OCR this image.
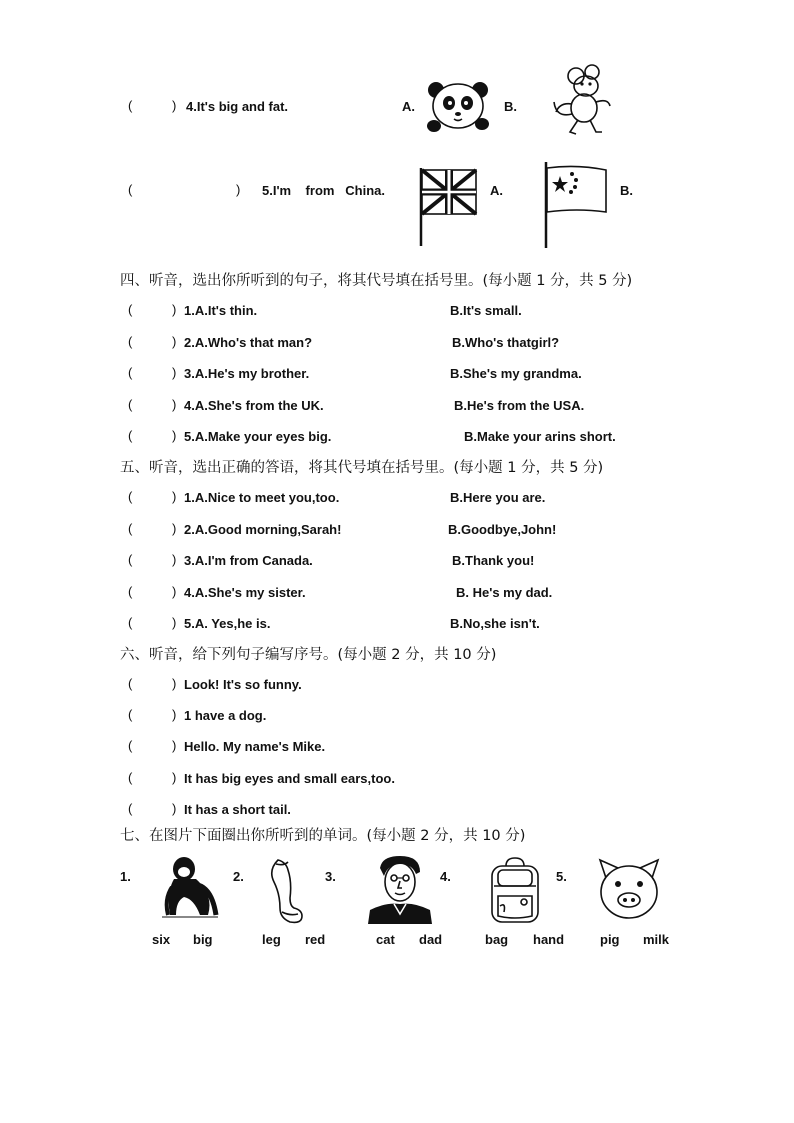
(	) 4.It's big and fat.	A.	B.
(	) 5.I'm    from   China.	A.	B.
四、听音，选出你所听到的句子，将其代号填在括号里。(每小题 1 分，共 5 分)
(	) 1.A.It's thin.	B.It's small.
(	) 2.A.Who's that man?	B.Who's thatgirl?
(	) 3.A.He's my brother.	B.She's my grandma.
(	) 4.A.She's from the UK.	B.He's from the USA.
(	) 5.A.Make your eyes big.	B.Make your arins short.
五、听音，选出正确的答语，将其代号填在括号里。(每小题 1 分，共 5 分)
(	) 1.A.Nice to meet you,too.	B.Here you are.
(	) 2.A.Good morning,Sarah!	B.Goodbye,John!
(	) 3.A.I'm from Canada.	B.Thank you!
(	) 4.A.She's my sister.	B. He's my dad.
(	) 5.A. Yes,he is.	B.No,she isn't.
六、听音，给下列句子编写序号。(每小题 2 分，共 10 分)
(	) Look! It's so funny.
(	) 1 have a dog.
(	) Hello. My name's Mike.
(	) It has big eyes and small ears,too.
(	) It has a short tail.
七、在图片下面圈出你所听到的单词。(每小题 2 分，共 10 分)
1.	2.	3.	4.	5.
six big	leg red	cat dad	bag hand	pig milk
